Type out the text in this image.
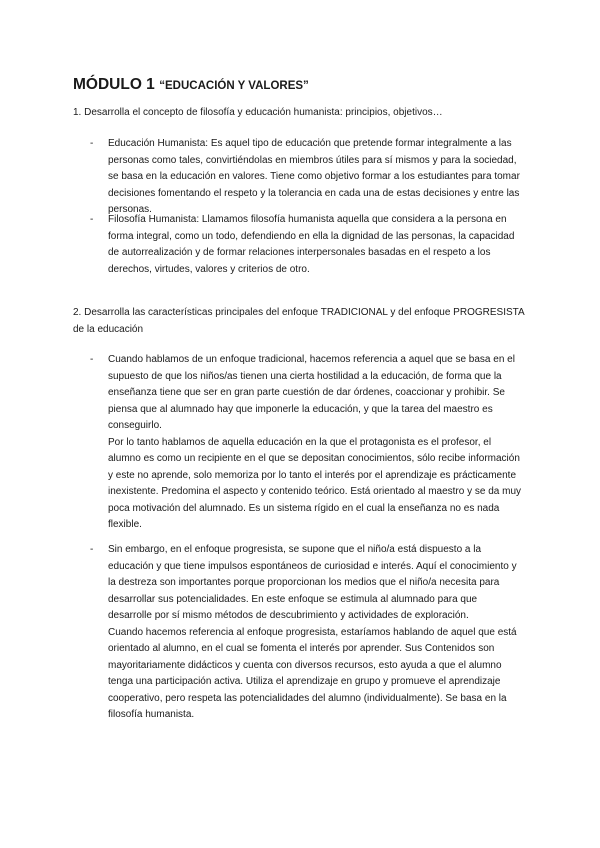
MÓDULO 1 “EDUCACIÓN Y VALORES”
1. Desarrolla el concepto de filosofía y educación humanista: principios, objetivos…
-	Educación Humanista: Es aquel tipo de educación que pretende formar integralmente a las personas como tales, convirtiéndolas en miembros útiles para sí mismos y para la sociedad, se basa en la educación en valores. Tiene como objetivo formar a los estudiantes para tomar decisiones fomentando el respeto y la tolerancia en cada una de estas decisiones y entre las personas.

-	Filosofía Humanista: Llamamos filosofía humanista aquella que considera a la persona en forma integral, como un todo, defendiendo en ella la dignidad de las personas, la capacidad de autorrealización y de formar relaciones interpersonales basadas en el respeto a los derechos, virtudes, valores y criterios de otro.

2. Desarrolla las características principales del enfoque TRADICIONAL y del enfoque PROGRESISTA de la educación
-	Cuando hablamos de un enfoque tradicional, hacemos referencia a aquel que se basa en el supuesto de que los niños/as tienen una cierta hostilidad a la educación, de forma que la enseñanza tiene que ser en gran parte cuestión de dar órdenes, coaccionar y prohibir. Se piensa que al alumnado hay que imponerle la educación, y que la tarea del maestro es conseguirlo.

Por lo tanto hablamos de aquella educación en la que el protagonista es el profesor, el alumno es como un recipiente en el que se depositan conocimientos, sólo recibe información y este no aprende, solo memoriza por lo tanto el interés por el aprendizaje es prácticamente inexistente. Predomina el aspecto y contenido teórico. Está orientado al maestro y se da muy poca motivación del alumnado. Es un sistema rígido en el cual la enseñanza no es nada flexible.

-	Sin embargo, en el enfoque progresista, se supone que el niño/a está dispuesto a la educación y que tiene impulsos espontáneos de curiosidad e interés. Aquí el conocimiento y la destreza son importantes porque proporcionan los medios que el niño/a necesita para desarrollar sus potencialidades. En este enfoque se estimula al alumnado para que desarrolle por sí mismo métodos de descubrimiento y actividades de exploración.

Cuando hacemos referencia al enfoque progresista, estaríamos hablando de aquel que está orientado al alumno, en el cual se fomenta el interés por aprender. Sus Contenidos son mayoritariamente didácticos y cuenta con diversos recursos, esto ayuda a que el alumno tenga una participación activa. Utiliza el aprendizaje en grupo y promueve el aprendizaje cooperativo, pero respeta las potencialidades del alumno (individualmente). Se basa en la filosofía humanista.
